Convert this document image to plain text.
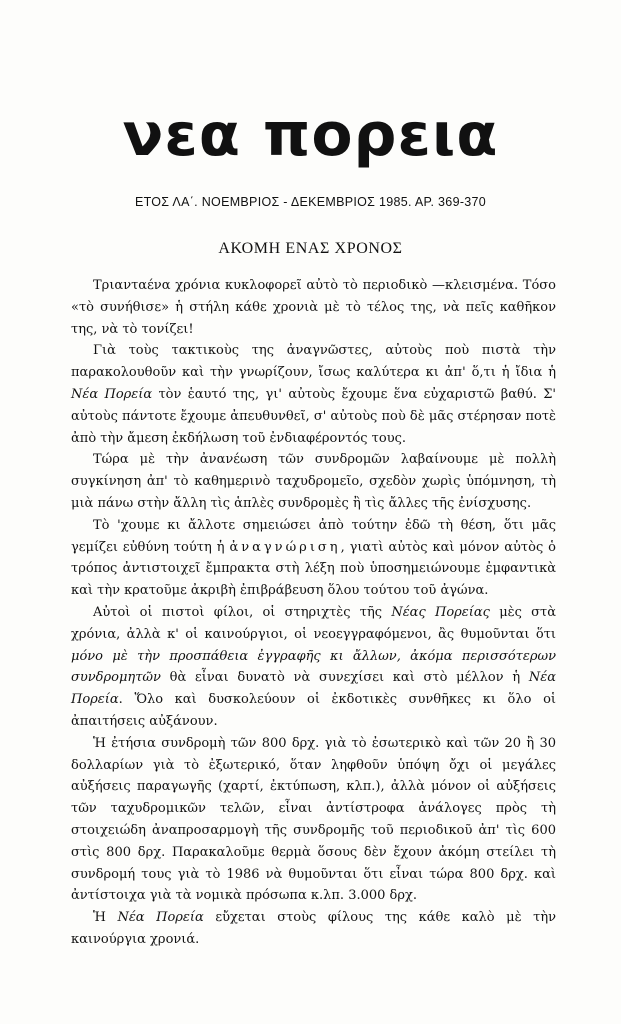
νεα πορεια
ΕΤΟΣ ΛΑ΄. ΝΟΕΜΒΡΙΟΣ - ΔΕΚΕΜΒΡΙΟΣ 1985. ΑΡ. 369-370
ΑΚΟΜΗ ΕΝΑΣ ΧΡΟΝΟΣ

Τριανταένα χρόνια κυκλοφορεῖ αὐτὸ τὸ περιοδικὸ —κλεισμένα. Τόσο «τὸ συνήθισε» ἡ στήλη κάθε χρονιὰ μὲ τὸ τέλος της, νὰ πεῖς καθῆκον της, νὰ τὸ τονίζει!

Γιὰ τοὺς τακτικοὺς της ἀναγνῶστες, αὐτοὺς ποὺ πιστὰ τὴν παρακολουθοῦν καὶ τὴν γνωρίζουν, ἴσως καλύτερα κι ἀπ' ὅ,τι ἡ ἴδια ἡ Νέα Πορεία τὸν ἑαυτό της, γι' αὐτοὺς ἔχουμε ἕνα εὐχαριστῶ βαθύ. Σ' αὐτοὺς πάντοτε ἔχουμε ἀπευθυνθεῖ, σ' αὐτοὺς ποὺ δὲ μᾶς στέρησαν ποτὲ ἀπὸ τὴν ἄμεση ἐκδήλωση τοῦ ἐνδιαφέροντός τους.

Τώρα μὲ τὴν ἀνανέωση τῶν συνδρομῶν λαβαίνουμε μὲ πολλὴ συγκίνηση ἀπ' τὸ καθημερινὸ ταχυδρομεῖο, σχεδὸν χωρὶς ὑπόμνηση, τὴ μιὰ πάνω στὴν ἄλλη τὶς ἁπλὲς συνδρομὲς ἢ τὶς ἄλλες τῆς ἐνίσχυσης.

Τὸ 'χουμε κι ἄλλοτε σημειώσει ἀπὸ τούτην ἐδῶ τὴ θέση, ὅτι μᾶς γεμίζει εὐθύνη τούτη ἡ ἀναγνώριση, γιατὶ αὐτὸς καὶ μόνον αὐτὸς ὁ τρόπος ἀντιστοιχεῖ ἔμπρακτα στὴ λέξη ποὺ ὑποσημειώνουμε ἐμφαντικὰ καὶ τὴν κρατοῦμε ἀκριβὴ ἐπιβράβευση ὅλου τούτου τοῦ ἀγώνα.

Αὐτοὶ οἱ πιστοὶ φίλοι, οἱ στηριχτὲς τῆς Νέας Πορείας μὲς στὰ χρόνια, ἀλλὰ κ' οἱ καινούργιοι, οἱ νεοεγγραφόμενοι, ἂς θυμοῦνται ὅτι μόνο μὲ τὴν προσπάθεια ἐγγραφῆς κι ἄλλων, ἀκόμα περισσότερων συνδρομητῶν θὰ εἶναι δυνατὸ νὰ συνεχίσει καὶ στὸ μέλλον ἡ Νέα Πορεία. Ὅλο καὶ δυσκολεύουν οἱ ἐκδοτικὲς συνθῆκες κι ὅλο οἱ ἀπαιτήσεις αὐξάνουν.

Ἡ ἐτήσια συνδρομὴ τῶν 800 δρχ. γιὰ τὸ ἐσωτερικὸ καὶ τῶν 20 ἢ 30 δολλαρίων γιὰ τὸ ἐξωτερικό, ὅταν ληφθοῦν ὑπόψη ὄχι οἱ μεγάλες αὐξήσεις παραγωγῆς (χαρτί, ἐκτύπωση, κλπ.), ἀλλὰ μόνον οἱ αὐξήσεις τῶν ταχυδρομικῶν τελῶν, εἶναι ἀντίστροφα ἀνάλογες πρὸς τὴ στοιχειώδη ἀναπροσαρμογὴ τῆς συνδρομῆς τοῦ περιοδικοῦ ἀπ' τὶς 600 στὶς 800 δρχ. Παρακαλοῦμε θερμὰ ὅσους δὲν ἔχουν ἀκόμη στείλει τὴ συνδρομή τους γιὰ τὸ 1986 νὰ θυμοῦνται ὅτι εἶναι τώρα 800 δρχ. καὶ ἀντίστοιχα γιὰ τὰ νομικὰ πρόσωπα κ.λπ. 3.000 δρχ.

Ἡ Νέα Πορεία εὔχεται στοὺς φίλους της κάθε καλὸ μὲ τὴν καινούργια χρονιά.
